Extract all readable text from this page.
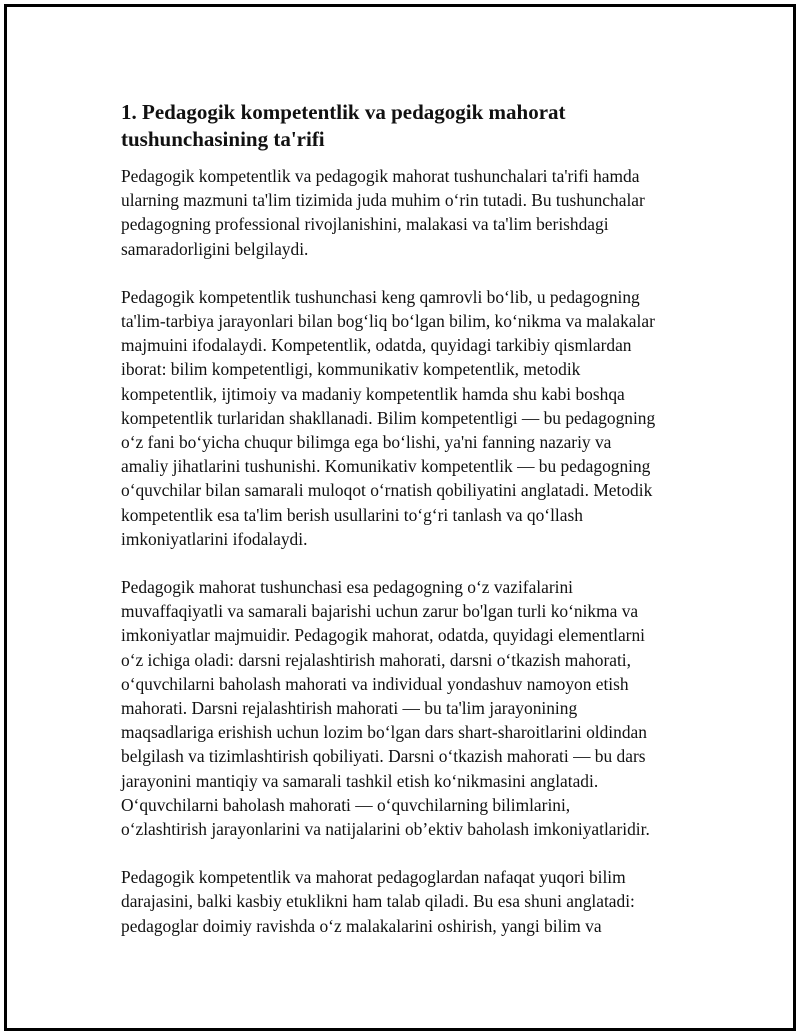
1. Pedagogik kompetentlik va pedagogik mahorat
tushunchasining ta'rifi

Pedagogik kompetentlik va pedagogik mahorat tushunchalari ta'rifi hamda
ularning mazmuni ta'lim tizimida juda muhim oʻrin tutadi. Bu tushunchalar
pedagogning professional rivojlanishini, malakasi va ta'lim berishdagi
samaradorligini belgilaydi.

Pedagogik kompetentlik tushunchasi keng qamrovli boʻlib, u pedagogning
ta'lim-tarbiya jarayonlari bilan bogʻliq boʻlgan bilim, koʻnikma va malakalar
majmuini ifodalaydi. Kompetentlik, odatda, quyidagi tarkibiy qismlardan
iborat: bilim kompetentligi, kommunikativ kompetentlik, metodik
kompetentlik, ijtimoiy va madaniy kompetentlik hamda shu kabi boshqa
kompetentlik turlaridan shakllanadi. Bilim kompetentligi — bu pedagogning
oʻz fani boʻyicha chuqur bilimga ega boʻlishi, ya'ni fanning nazariy va
amaliy jihatlarini tushunishi. Komunikativ kompetentlik — bu pedagogning
oʻquvchilar bilan samarali muloqot oʻrnatish qobiliyatini anglatadi. Metodik
kompetentlik esa ta'lim berish usullarini toʻgʻri tanlash va qoʻllash
imkoniyatlarini ifodalaydi.

Pedagogik mahorat tushunchasi esa pedagogning oʻz vazifalarini
muvaffaqiyatli va samarali bajarishi uchun zarur bo'lgan turli koʻnikma va
imkoniyatlar majmuidir. Pedagogik mahorat, odatda, quyidagi elementlarni
oʻz ichiga oladi: darsni rejalashtirish mahorati, darsni oʻtkazish mahorati,
oʻquvchilarni baholash mahorati va individual yondashuv namoyon etish
mahorati. Darsni rejalashtirish mahorati — bu ta'lim jarayonining
maqsadlariga erishish uchun lozim boʻlgan dars shart-sharoitlarini oldindan
belgilash va tizimlashtirish qobiliyati. Darsni oʻtkazish mahorati — bu dars
jarayonini mantiqiy va samarali tashkil etish koʻnikmasini anglatadi.
Oʻquvchilarni baholash mahorati — oʻquvchilarning bilimlarini,
oʻzlashtirish jarayonlarini va natijalarini obʼektiv baholash imkoniyatlaridir.

Pedagogik kompetentlik va mahorat pedagoglardan nafaqat yuqori bilim
darajasini, balki kasbiy etuklikni ham talab qiladi. Bu esa shuni anglatadi:
pedagoglar doimiy ravishda oʻz malakalarini oshirish, yangi bilim va
